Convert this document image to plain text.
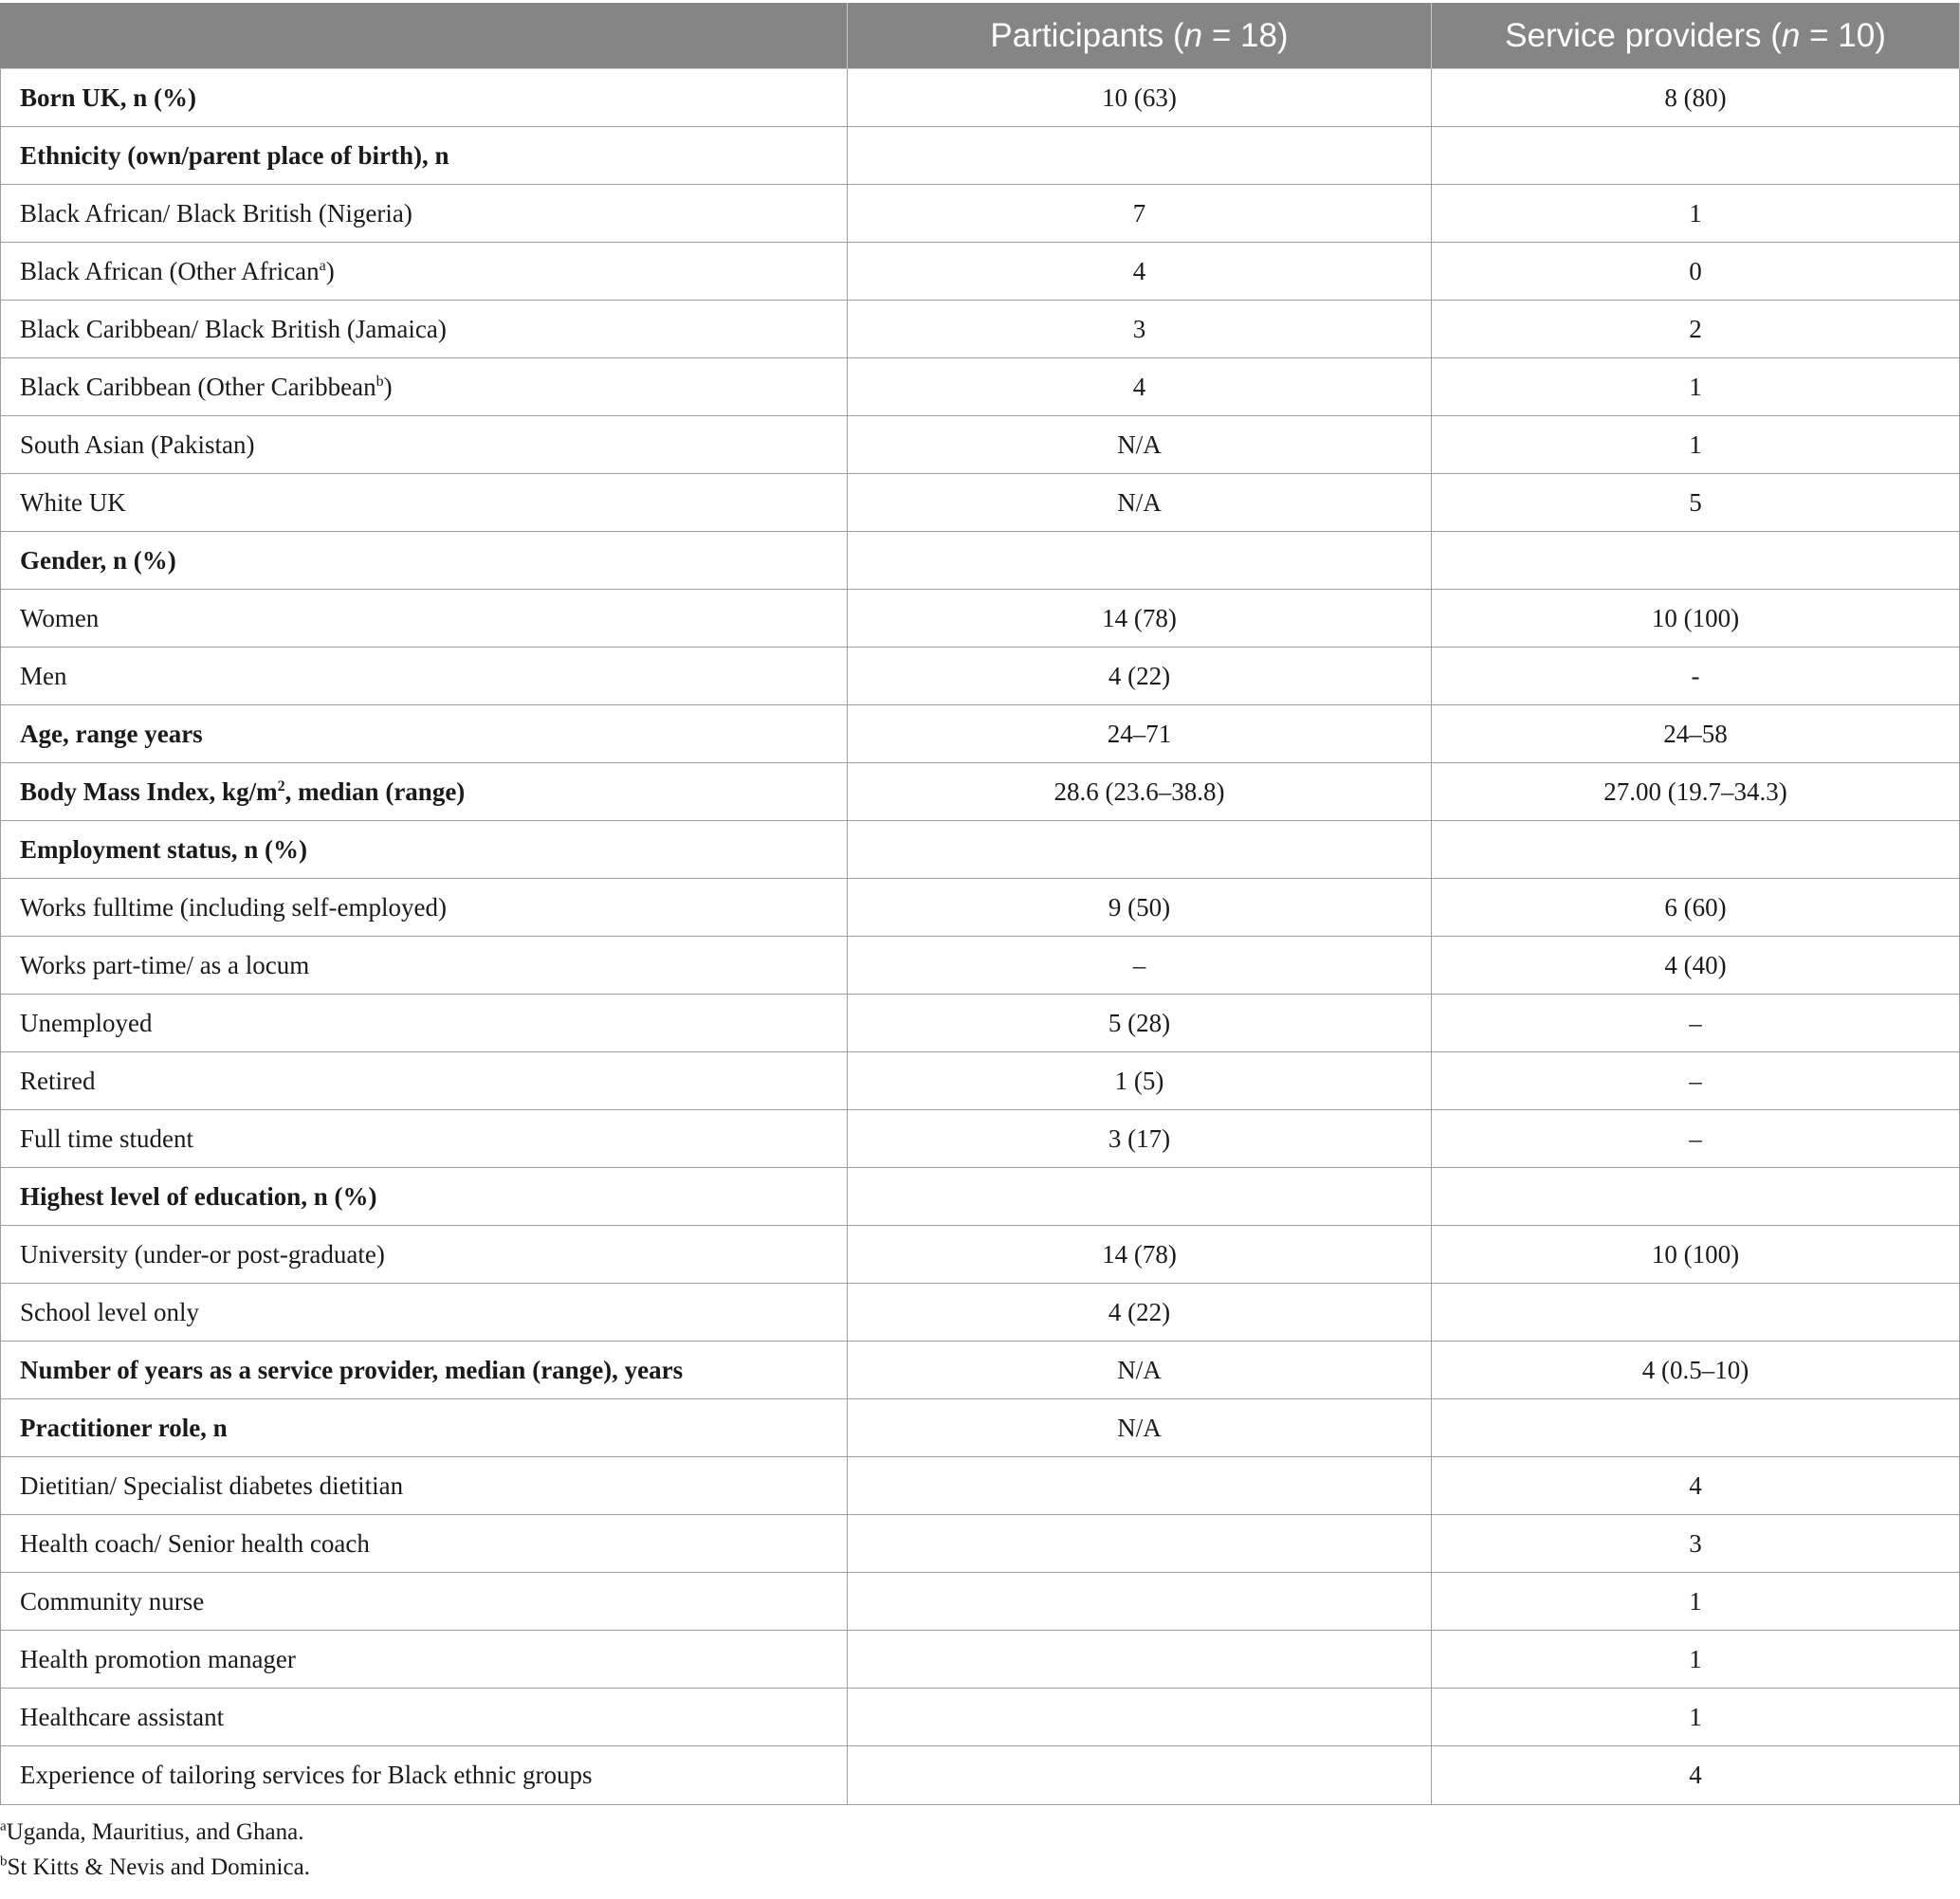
	Participants (n = 18)	Service providers (n = 10)
Born UK, n (%)	10 (63)	8 (80)
Ethnicity (own/parent place of birth), n		
Black African/ Black British (Nigeria)	7	1
Black African (Other African$^a$)	4	0
Black Caribbean/ Black British (Jamaica)	3	2
Black Caribbean (Other Caribbean$^b$)	4	1
South Asian (Pakistan)	N/A	1
White UK	N/A	5
Gender, n (%)		
Women	14 (78)	10 (100)
Men	4 (22)	-
Age, range years	24–71	24–58
Body Mass Index, $kg/m^2$, median (range)	28.6 (23.6–38.8)	27.00 (19.7–34.3)
Employment status, n (%)		
Works fulltime (including self-employed)	9 (50)	6 (60)
Works part-time/ as a locum	–	4 (40)
Unemployed	5 (28)	–
Retired	1 (5)	–
Full time student	3 (17)	–
Highest level of education, n (%)		
University (under-or post-graduate)	14 (78)	10 (100)
School level only	4 (22)	
Number of years as a service provider, median (range), years	N/A	4 (0.5–10)
Practitioner role, n	N/A	
Dietitian/ Specialist diabetes dietitian		4
Health coach/ Senior health coach		3
Community nurse		1
Health promotion manager		1
Healthcare assistant		1
Experience of tailoring services for Black ethnic groups		4
$^a$Uganda, Mauritius, and Ghana.
$^b$St Kitts & Nevis and Dominica.
